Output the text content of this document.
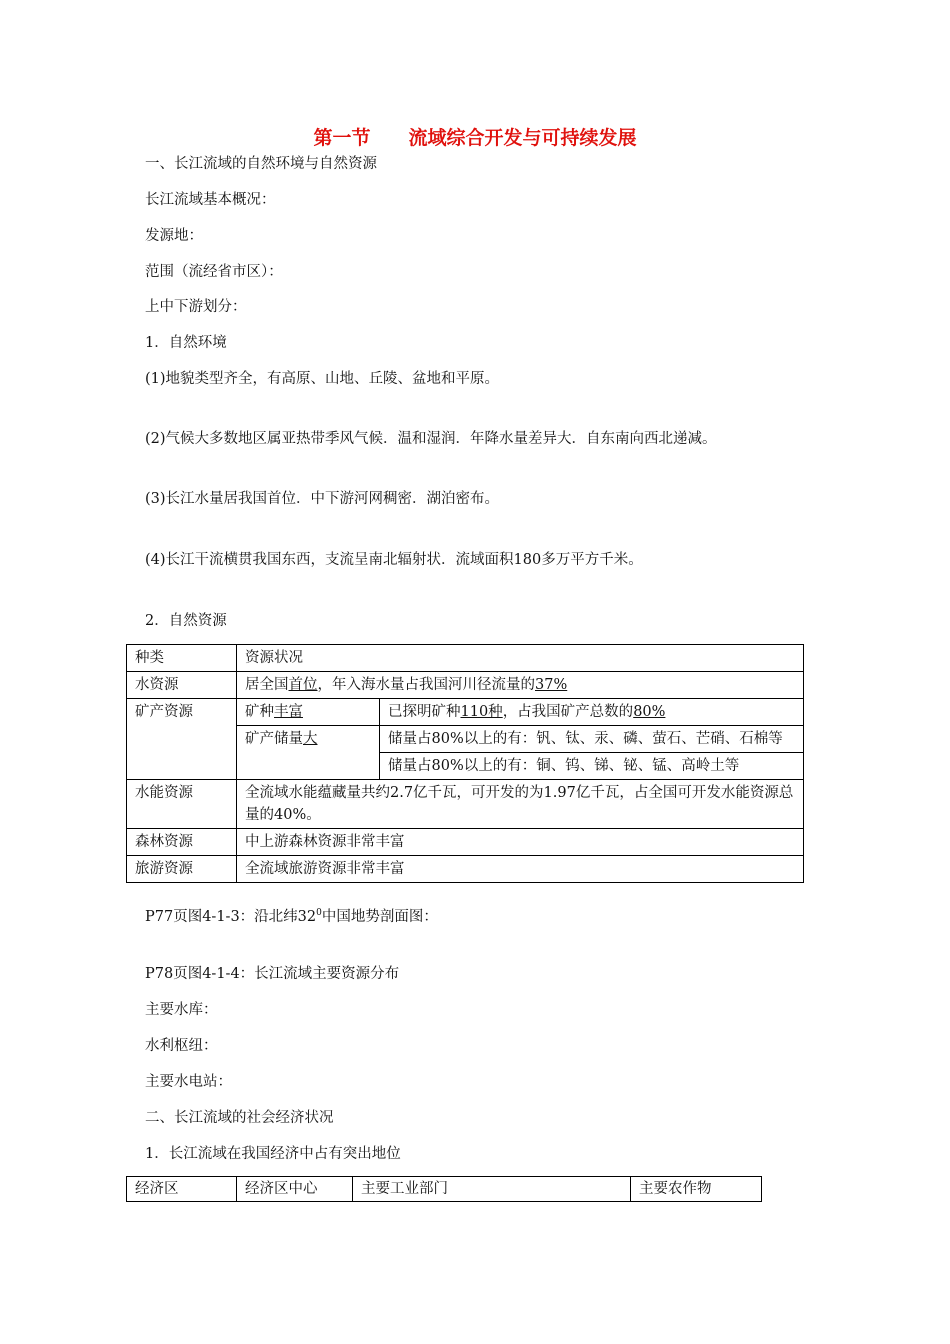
第一节　　流域综合开发与可持续发展
一、长江流域的自然环境与自然资源
长江流域基本概况：
发源地：
范围（流经省市区）：
上中下游划分：
1．自然环境
(1)地貌类型齐全，有高原、山地、丘陵、盆地和平原。
(2)气候大多数地区属亚热带季风气候．温和湿润．年降水量差异大．自东南向西北递减。
(3)长江水量居我国首位．中下游河网稠密．湖泊密布。
(4)长江干流横贯我国东西，支流呈南北辐射状．流域面积180多万平方千米。
2．自然资源
种类	资源状况	
水资源	居全国首位，年入海水量占我国河川径流量的37%	
矿产资源	矿种丰富	已探明矿种110种，占我国矿产总数的80%
	矿产储量大	储量占80%以上的有：钒、钛、汞、磷、萤石、芒硝、石棉等
		储量占80%以上的有：铜、钨、锑、铋、锰、高岭土等
水能资源	全流域水能蕴藏量共约2.7亿千瓦，可开发的为1.97亿千瓦，占全国可开发水能资源总量的40%。	
森林资源	中上游森林资源非常丰富	
旅游资源	全流域旅游资源非常丰富	
P77页图4-1-3：沿北纬$32^0$中国地势剖面图：
P78页图4-1-4：长江流域主要资源分布
主要水库：
水利枢纽：
主要水电站：
二、长江流域的社会经济状况
1．长江流域在我国经济中占有突出地位
经济区	经济区中心	主要工业部门	主要农作物
